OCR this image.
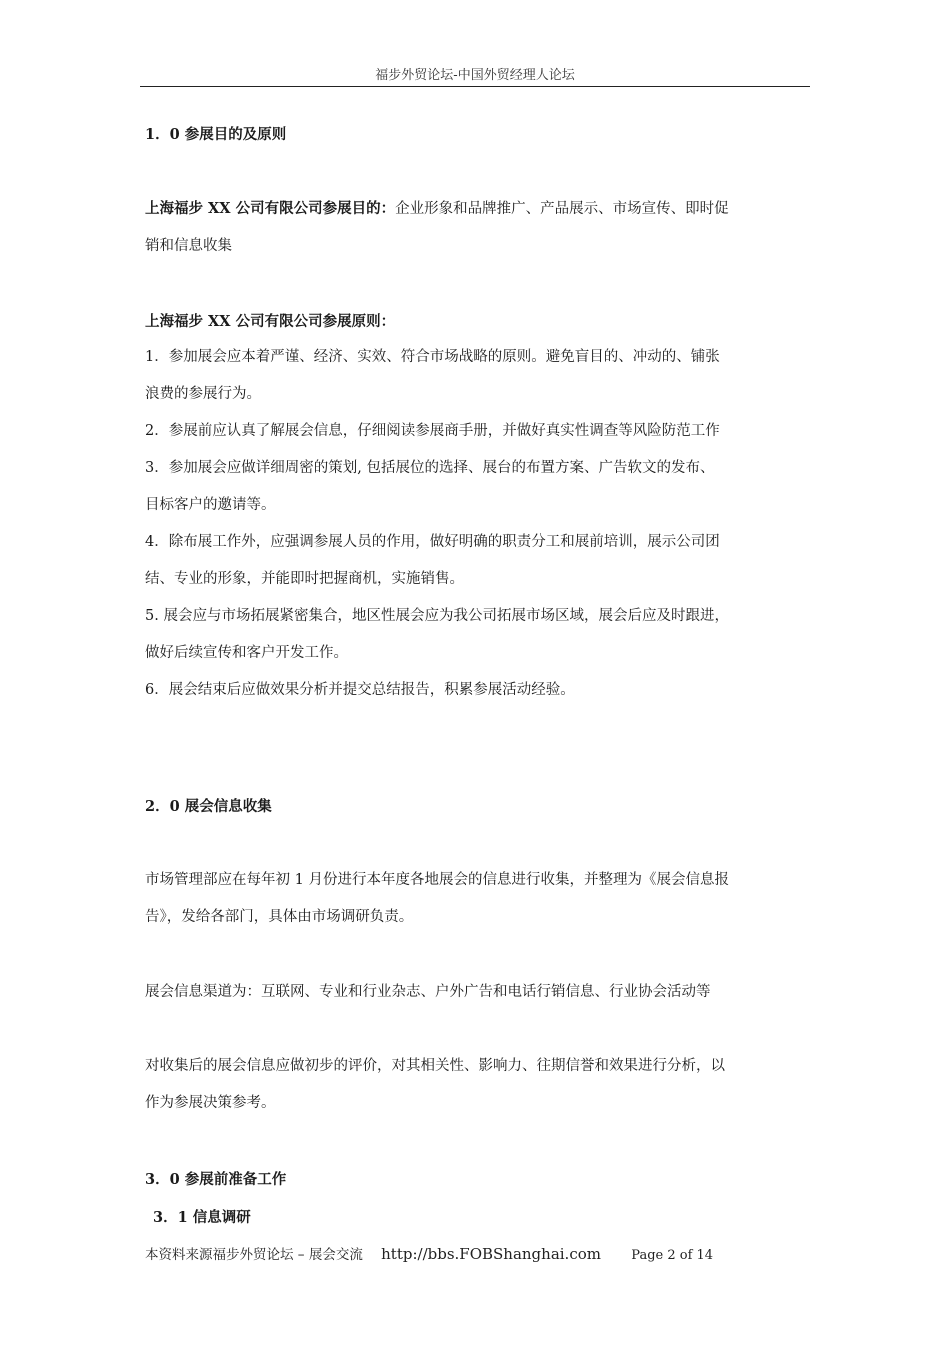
福步外贸论坛-中国外贸经理人论坛
1．0 参展目的及原则
上海福步 XX 公司有限公司参展目的：企业形象和品牌推广、产品展示、市场宣传、即时促
销和信息收集
上海福步 XX 公司有限公司参展原则：
1．参加展会应本着严谨、经济、实效、符合市场战略的原则。避免盲目的、冲动的、铺张
浪费的参展行为。
2．参展前应认真了解展会信息，仔细阅读参展商手册，并做好真实性调查等风险防范工作
3．参加展会应做详细周密的策划, 包括展位的选择、展台的布置方案、广告软文的发布、
目标客户的邀请等。
4．除布展工作外，应强调参展人员的作用，做好明确的职责分工和展前培训，展示公司团
结、专业的形象，并能即时把握商机，实施销售。
5. 展会应与市场拓展紧密集合，地区性展会应为我公司拓展市场区域，展会后应及时跟进，
做好后续宣传和客户开发工作。
6．展会结束后应做效果分析并提交总结报告，积累参展活动经验。
2．0 展会信息收集
市场管理部应在每年初 1 月份进行本年度各地展会的信息进行收集，并整理为《展会信息报
告》，发给各部门，具体由市场调研负责。
展会信息渠道为：互联网、专业和行业杂志、户外广告和电话行销信息、行业协会活动等
对收集后的展会信息应做初步的评价，对其相关性、影响力、往期信誉和效果进行分析，以
作为参展决策参考。
3．0 参展前准备工作
3．1 信息调研
本资料来源福步外贸论坛 – 展会交流 http://bbs.FOBShanghai.com Page 2 of 14
